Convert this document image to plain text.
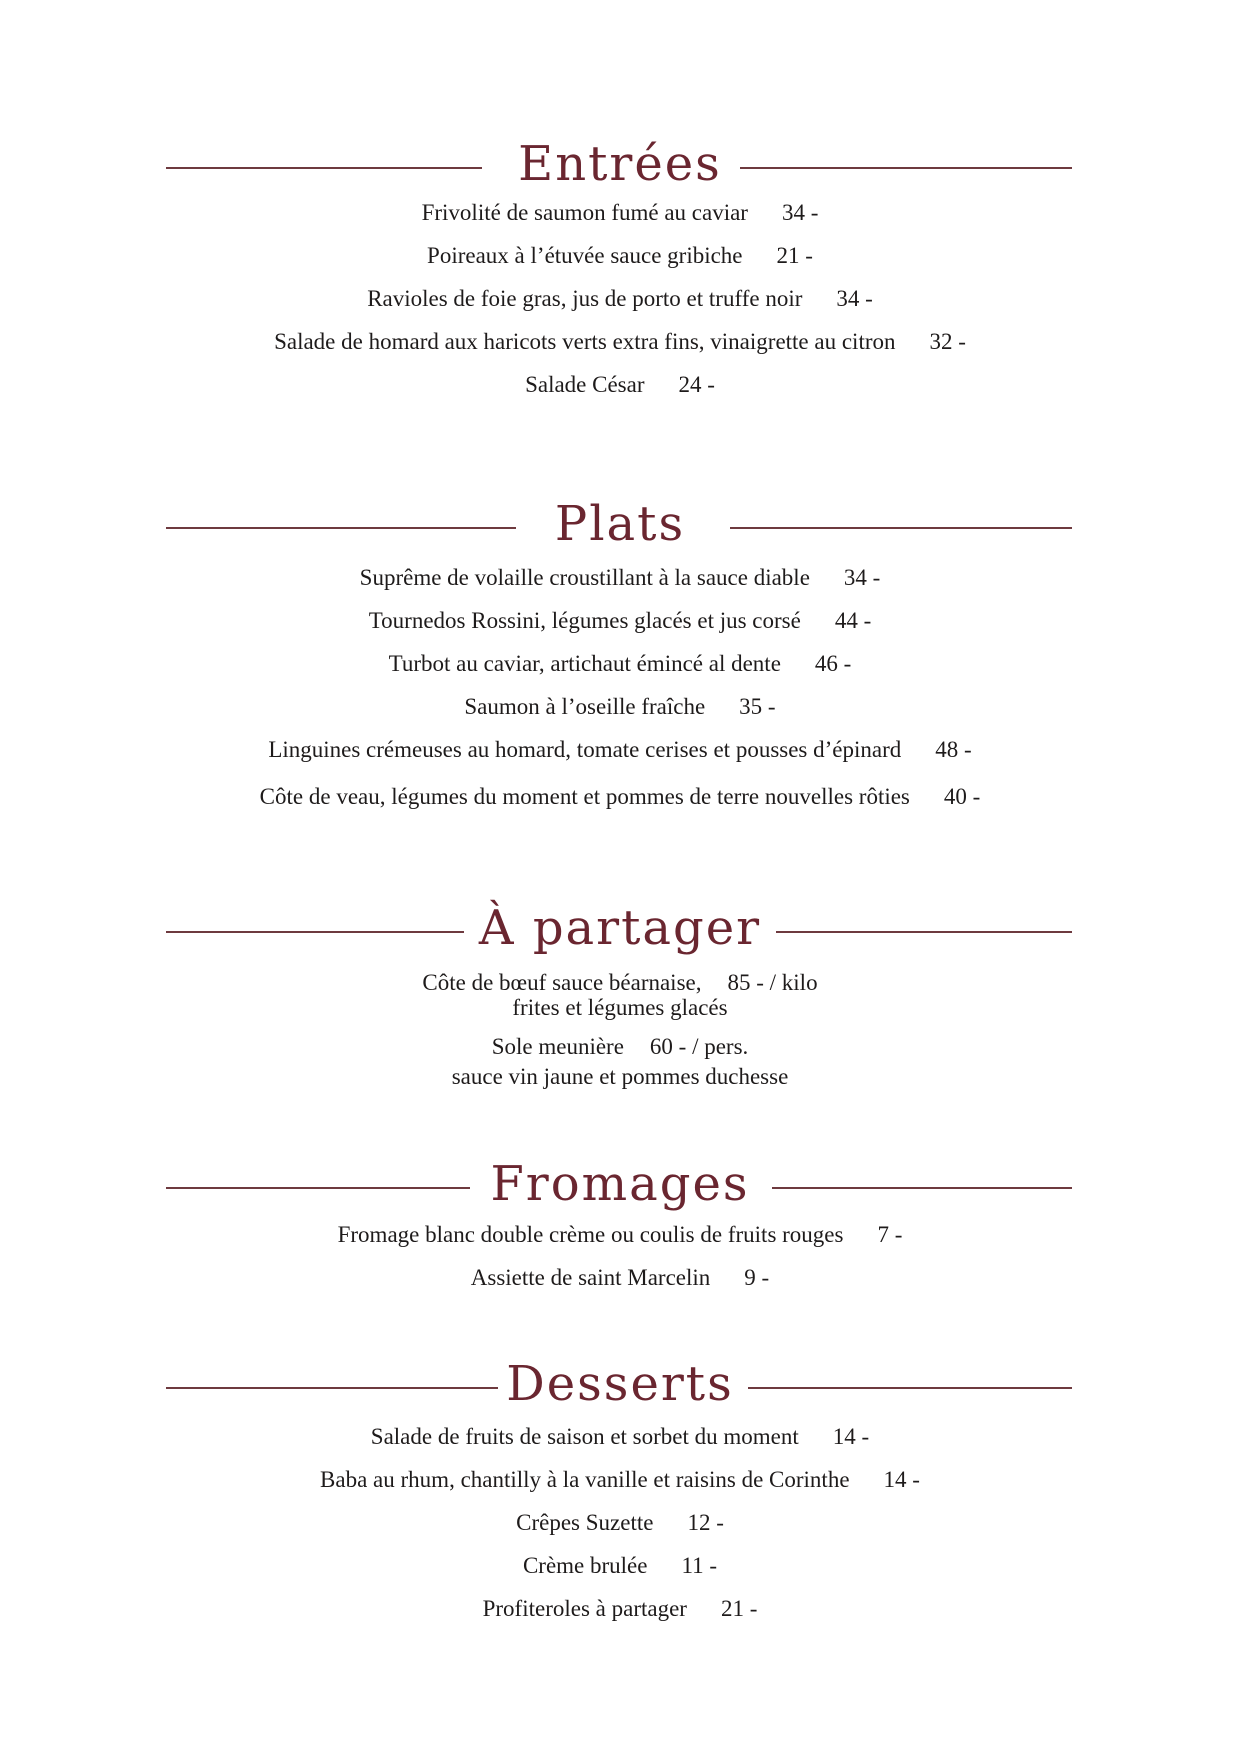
Entrées
Frivolité de saumon fumé au caviar 34 -
Poireaux à l’étuvée sauce gribiche 21 -
Ravioles de foie gras, jus de porto et truffe noir 34 -
Salade de homard aux haricots verts extra fins, vinaigrette au citron 32 -
Salade César 24 -
Plats
Suprême de volaille croustillant à la sauce diable 34 -
Tournedos Rossini, légumes glacés et jus corsé 44 -
Turbot au caviar, artichaut émincé al dente 46 -
Saumon à l’oseille fraîche 35 -
Linguines crémeuses au homard, tomate cerises et pousses d’épinard 48 -
Côte de veau, légumes du moment et pommes de terre nouvelles rôties 40 -
À partager
Côte de bœuf sauce béarnaise, 85 - / kilo
frites et légumes glacés
Sole meunière 60 - / pers.
sauce vin jaune et pommes duchesse
Fromages
Fromage blanc double crème ou coulis de fruits rouges 7 -
Assiette de saint Marcelin 9 -
Desserts
Salade de fruits de saison et sorbet du moment 14 -
Baba au rhum, chantilly à la vanille et raisins de Corinthe 14 -
Crêpes Suzette 12 -
Crème brulée 11 -
Profiteroles à partager 21 -
